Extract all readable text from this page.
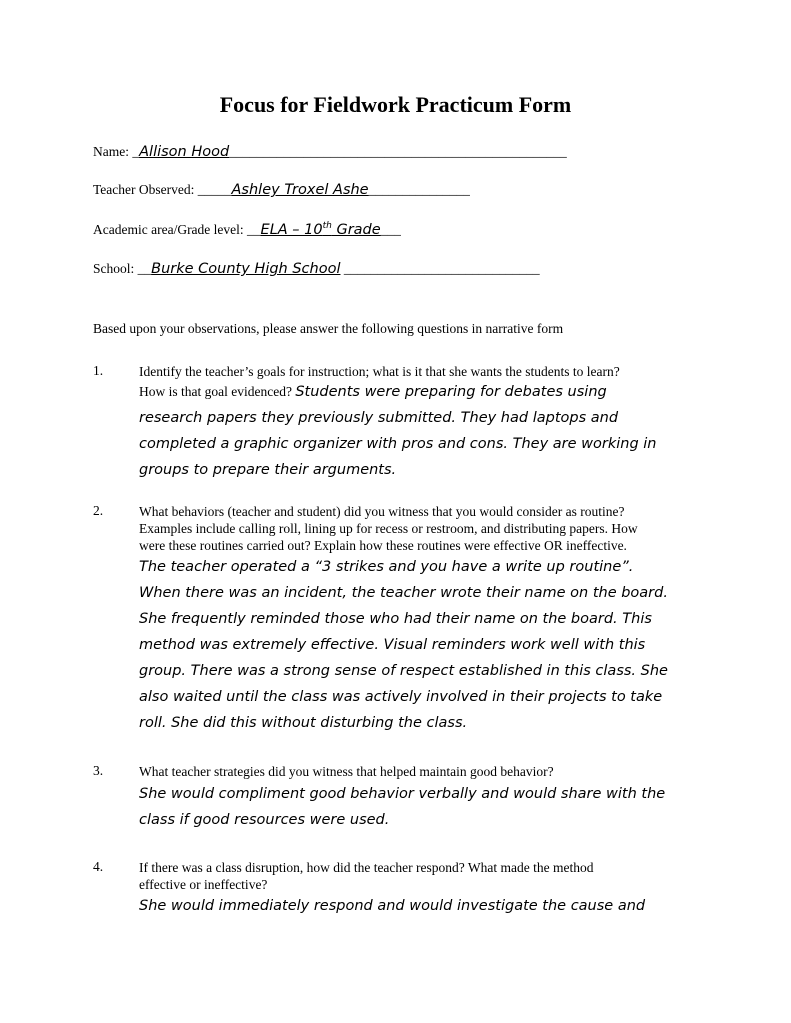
Focus for Fieldwork Practicum Form
Name: _Allison Hood__________________________________________________
Teacher Observed: _____Ashley Troxel Ashe_______________
Academic area/Grade level: __ELA – 10th Grade___
School: __Burke County High School _____________________________
Based upon your observations, please answer the following questions in narrative form
1.	Identify the teacher’s goals for instruction; what is it that she wants the students to learn?
How is that goal evidenced? Students were preparing for debates using
research papers they previously submitted. They had laptops and
completed a graphic organizer with pros and cons. They are working in
groups to prepare their arguments.
2.	What behaviors (teacher and student) did you witness that you would consider as routine?
Examples include calling roll, lining up for recess or restroom, and distributing papers. How
were these routines carried out? Explain how these routines were effective OR ineffective.
The teacher operated a “3 strikes and you have a write up routine”.
When there was an incident, the teacher wrote their name on the board.
She frequently reminded those who had their name on the board. This
method was extremely effective. Visual reminders work well with this
group. There was a strong sense of respect established in this class. She
also waited until the class was actively involved in their projects to take
roll. She did this without disturbing the class.
3.	What teacher strategies did you witness that helped maintain good behavior?
She would compliment good behavior verbally and would share with the
class if good resources were used.
4.	If there was a class disruption, how did the teacher respond? What made the method
effective or ineffective?
She would immediately respond and would investigate the cause and
